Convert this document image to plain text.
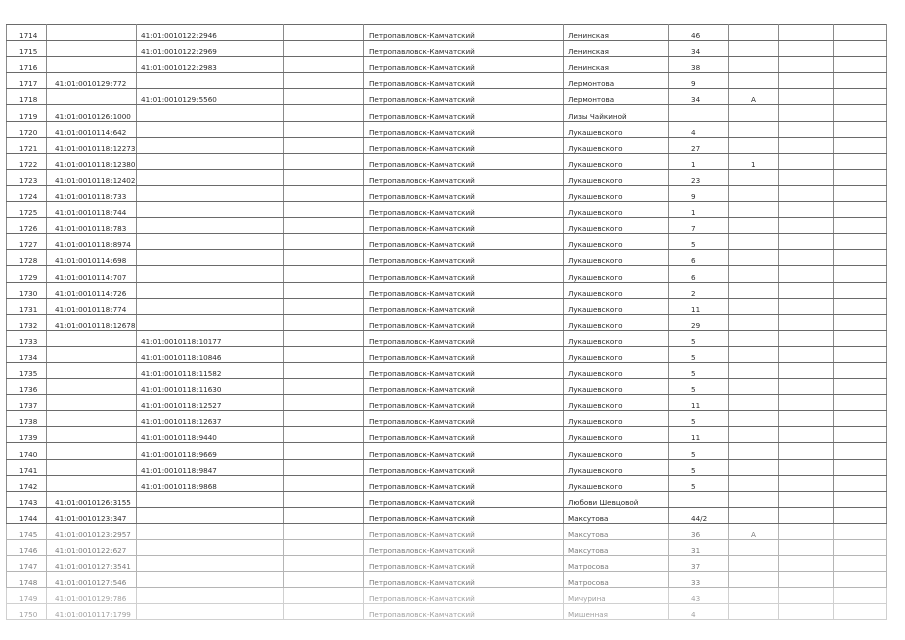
1714		41:01:0010122:2946		Петропавловск-Камчатский	Ленинская	46			
1715		41:01:0010122:2969		Петропавловск-Камчатский	Ленинская	34			
1716		41:01:0010122:2983		Петропавловск-Камчатский	Ленинская	38			
1717	41:01:0010129:772			Петропавловск-Камчатский	Лермонтова	9			
1718		41:01:0010129:5560		Петропавловск-Камчатский	Лермонтова	34	А		
1719	41:01:0010126:1000			Петропавловск-Камчатский	Лизы Чайкиной				
1720	41:01:0010114:642			Петропавловск-Камчатский	Лукашевского	4			
1721	41:01:0010118:12273			Петропавловск-Камчатский	Лукашевского	27			
1722	41:01:0010118:12380			Петропавловск-Камчатский	Лукашевского	1	1		
1723	41:01:0010118:12402			Петропавловск-Камчатский	Лукашевского	23			
1724	41:01:0010118:733			Петропавловск-Камчатский	Лукашевского	9			
1725	41:01:0010118:744			Петропавловск-Камчатский	Лукашевского	1			
1726	41:01:0010118:783			Петропавловск-Камчатский	Лукашевского	7			
1727	41:01:0010118:8974			Петропавловск-Камчатский	Лукашевского	5			
1728	41:01:0010114:698			Петропавловск-Камчатский	Лукашевского	6			
1729	41:01:0010114:707			Петропавловск-Камчатский	Лукашевского	6			
1730	41:01:0010114:726			Петропавловск-Камчатский	Лукашевского	2			
1731	41:01:0010118:774			Петропавловск-Камчатский	Лукашевского	11			
1732	41:01:0010118:12678			Петропавловск-Камчатский	Лукашевского	29			
1733		41:01:0010118:10177		Петропавловск-Камчатский	Лукашевского	5			
1734		41:01:0010118:10846		Петропавловск-Камчатский	Лукашевского	5			
1735		41:01:0010118:11582		Петропавловск-Камчатский	Лукашевского	5			
1736		41:01:0010118:11630		Петропавловск-Камчатский	Лукашевского	5			
1737		41:01:0010118:12527		Петропавловск-Камчатский	Лукашевского	11			
1738		41:01:0010118:12637		Петропавловск-Камчатский	Лукашевского	5			
1739		41:01:0010118:9440		Петропавловск-Камчатский	Лукашевского	11			
1740		41:01:0010118:9669		Петропавловск-Камчатский	Лукашевского	5			
1741		41:01:0010118:9847		Петропавловск-Камчатский	Лукашевского	5			
1742		41:01:0010118:9868		Петропавловск-Камчатский	Лукашевского	5			
1743	41:01:0010126:3155			Петропавловск-Камчатский	Любови Шевцовой				
1744	41:01:0010123:347			Петропавловск-Камчатский	Максутова	44/2			
1745	41:01:0010123:2957			Петропавловск-Камчатский	Максутова	36	А		
1746	41:01:0010122:627			Петропавловск-Камчатский	Максутова	31			
1747	41:01:0010127:3541			Петропавловск-Камчатский	Матросова	37			
1748	41:01:0010127:546			Петропавловск-Камчатский	Матросова	33			
1749	41:01:0010129:786			Петропавловск-Камчатский	Мичурина	43			
1750	41:01:0010117:1799			Петропавловск-Камчатский	Мишенная	4			
